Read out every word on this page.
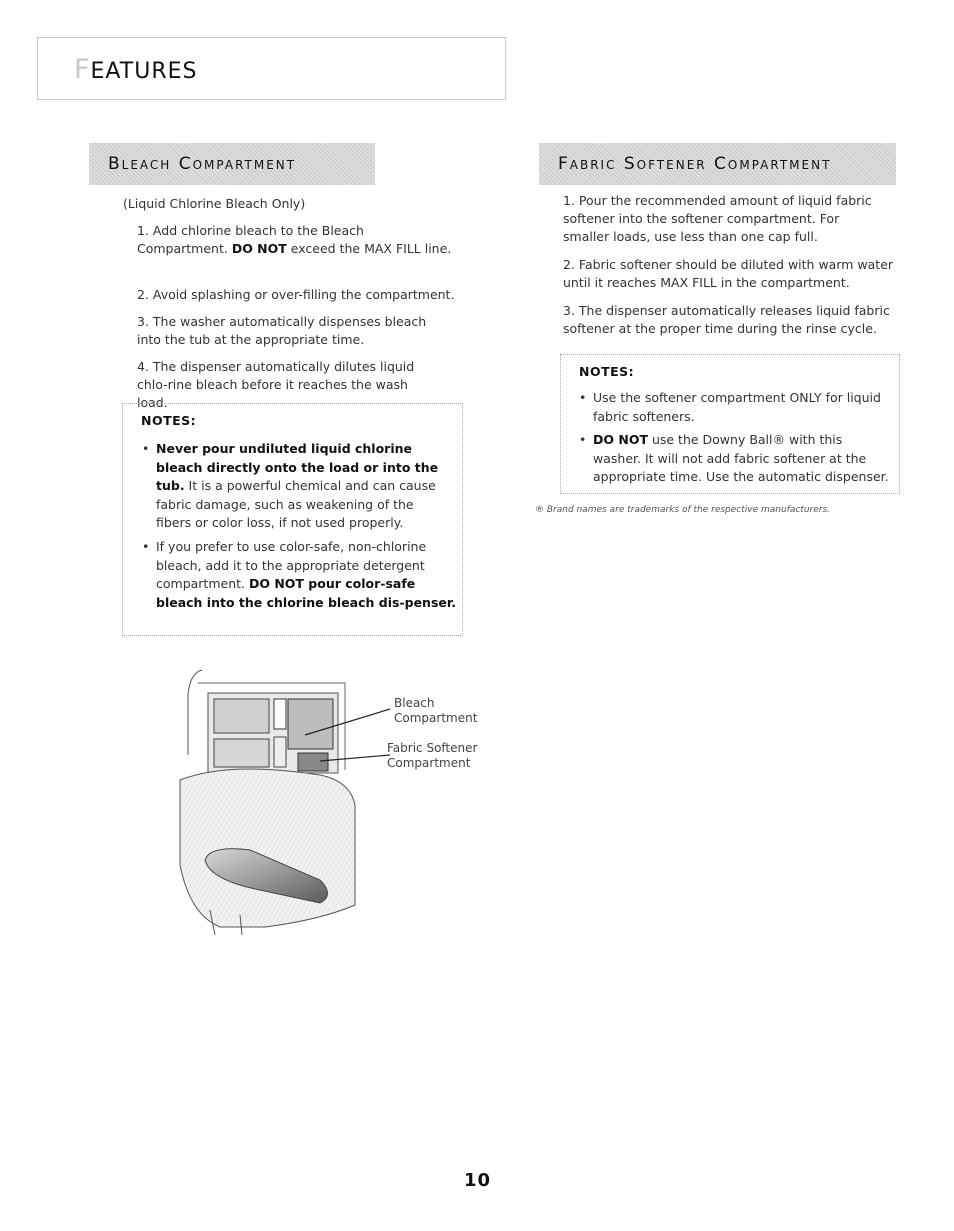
FEATURES
Bleach Compartment	Fabric Softener Compartment
(Liquid Chlorine Bleach Only)
1. Add chlorine bleach to the Bleach Compartment. DO NOT exceed the MAX FILL line.
2. Avoid splashing or over-filling the compartment.
3. The washer automatically dispenses bleach into the tub at the appropriate time.
4. The dispenser automatically dilutes liquid chlo-rine bleach before it reaches the wash load.
NOTES:
• Never pour undiluted liquid chlorine bleach directly onto the load or into the tub. It is a powerful chemical and can cause fabric damage, such as weakening of the fibers or color loss, if not used properly.
• If you prefer to use color-safe, non-chlorine bleach, add it to the appropriate detergent compartment. DO NOT pour color-safe bleach into the chlorine bleach dis-penser.
1. Pour the recommended amount of liquid fabric softener into the softener compartment. For smaller loads, use less than one cap full.
2. Fabric softener should be diluted with warm water until it reaches MAX FILL in the compartment.
3. The dispenser automatically releases liquid fabric softener at the proper time during the rinse cycle.
NOTES:
• Use the softener compartment ONLY for liquid fabric softeners.
• DO NOT use the Downy Ball® with this washer. It will not add fabric softener at the appropriate time. Use the automatic dispenser.
® Brand names are trademarks of the respective manufacturers.
Bleach
Compartment
Fabric Softener
Compartment
10
